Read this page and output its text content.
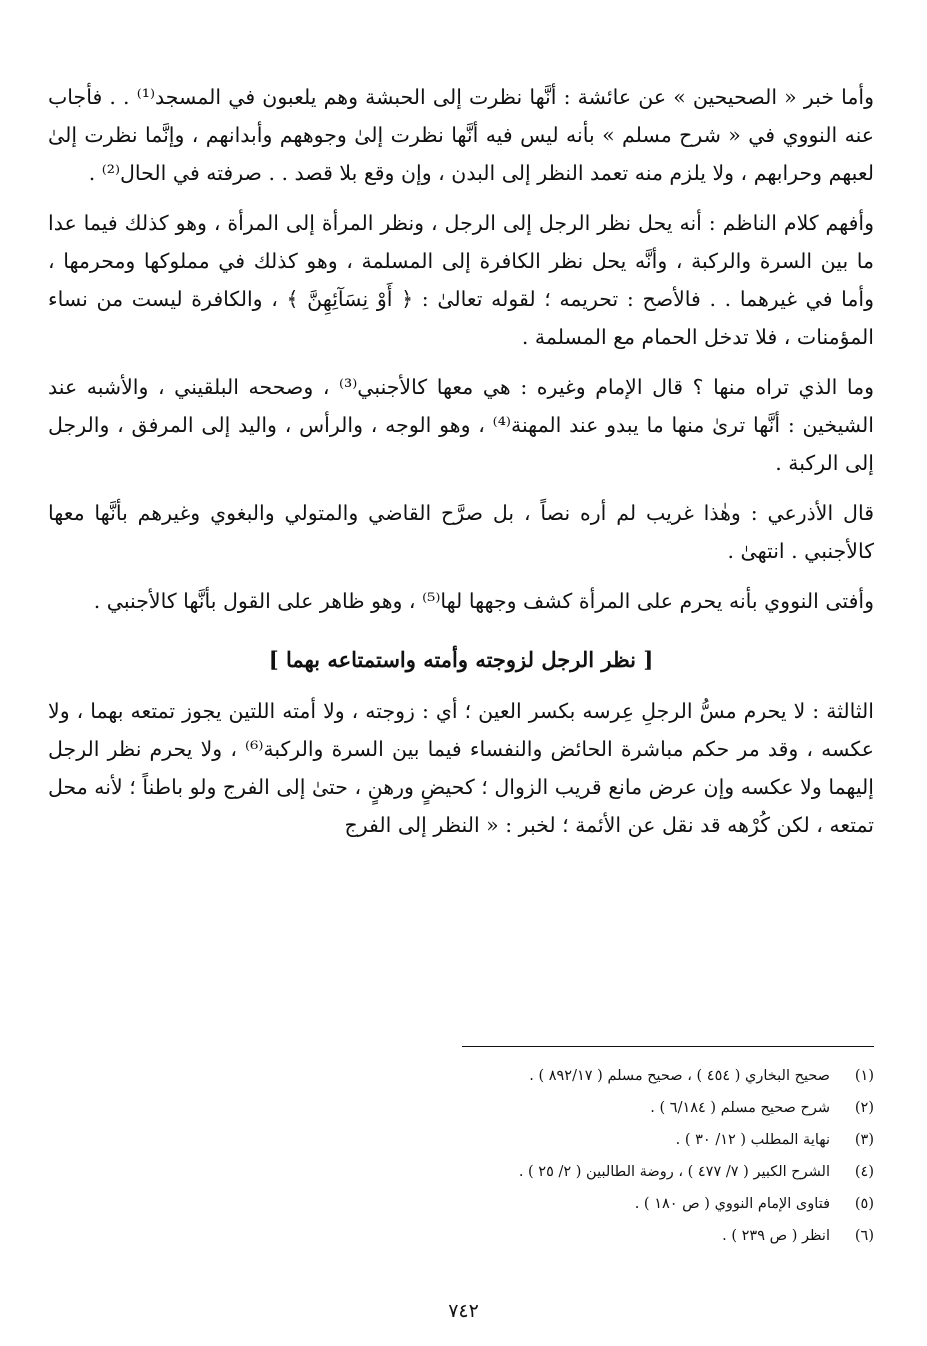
وأما خبر « الصحيحين » عن عائشة : أنَّها نظرت إلى الحبشة وهم يلعبون في المسجد⁽¹⁾ . . فأجاب عنه النووي في « شرح مسلم » بأنه ليس فيه أنَّها نظرت إلىٰ وجوههم وأبدانهم ، وإنَّما نظرت إلىٰ لعبهم وحرابهم ، ولا يلزم منه تعمد النظر إلى البدن ، وإن وقع بلا قصد . . صرفته في الحال⁽²⁾ .

وأفهم كلام الناظم : أنه يحل نظر الرجل إلى الرجل ، ونظر المرأة إلى المرأة ، وهو كذلك فيما عدا ما بين السرة والركبة ، وأنَّه يحل نظر الكافرة إلى المسلمة ، وهو كذلك في مملوكها ومحرمها ، وأما في غيرهما . . فالأصح : تحريمه ؛ لقوله تعالىٰ : ﴿ أَوْ نِسَآئِهِنَّ ﴾ ، والكافرة ليست من نساء المؤمنات ، فلا تدخل الحمام مع المسلمة .

وما الذي تراه منها ؟ قال الإمام وغيره : هي معها كالأجنبي⁽³⁾ ، وصححه البلقيني ، والأشبه عند الشيخين : أنَّها ترىٰ منها ما يبدو عند المهنة⁽⁴⁾ ، وهو الوجه ، والرأس ، واليد إلى المرفق ، والرجل إلى الركبة .

قال الأذرعي : وهٰذا غريب لم أره نصاً ، بل صرَّح القاضي والمتولي والبغوي وغيرهم بأنَّها معها كالأجنبي . انتهىٰ .

وأفتى النووي بأنه يحرم على المرأة كشف وجهها لها⁽⁵⁾ ، وهو ظاهر على القول بأنَّها كالأجنبي .

[ نظر الرجل لزوجته وأمته واستمتاعه بهما ]

الثالثة : لا يحرم مسُّ الرجلِ عِرسه بكسر العين ؛ أي : زوجته ، ولا أمته اللتين يجوز تمتعه بهما ، ولا عكسه ، وقد مر حكم مباشرة الحائض والنفساء فيما بين السرة والركبة⁽⁶⁾ ، ولا يحرم نظر الرجل إليهما ولا عكسه وإن عرض مانع قريب الزوال ؛ كحيضٍ ورهنٍ ، حتىٰ إلى الفرج ولو باطناً ؛ لأنه محل تمتعه ، لكن كُرْهه قد نقل عن الأئمة ؛ لخبر : « النظر إلى الفرج

(١)
صحيح البخاري ( ٤٥٤ ) ، صحيح مسلم ( ٨٩٢/١٧ ) .
(٢)
شرح صحيح مسلم ( ٦/١٨٤ ) .
(٣)
نهاية المطلب ( ١٢/ ٣٠ ) .
(٤)
الشرح الكبير ( ٧/ ٤٧٧ ) ، روضة الطالبين ( ٢/ ٢٥ ) .
(٥)
فتاوى الإمام النووي ( ص ١٨٠ ) .
(٦)
انظر ( ص ٢٣٩ ) .
٧٤٢
